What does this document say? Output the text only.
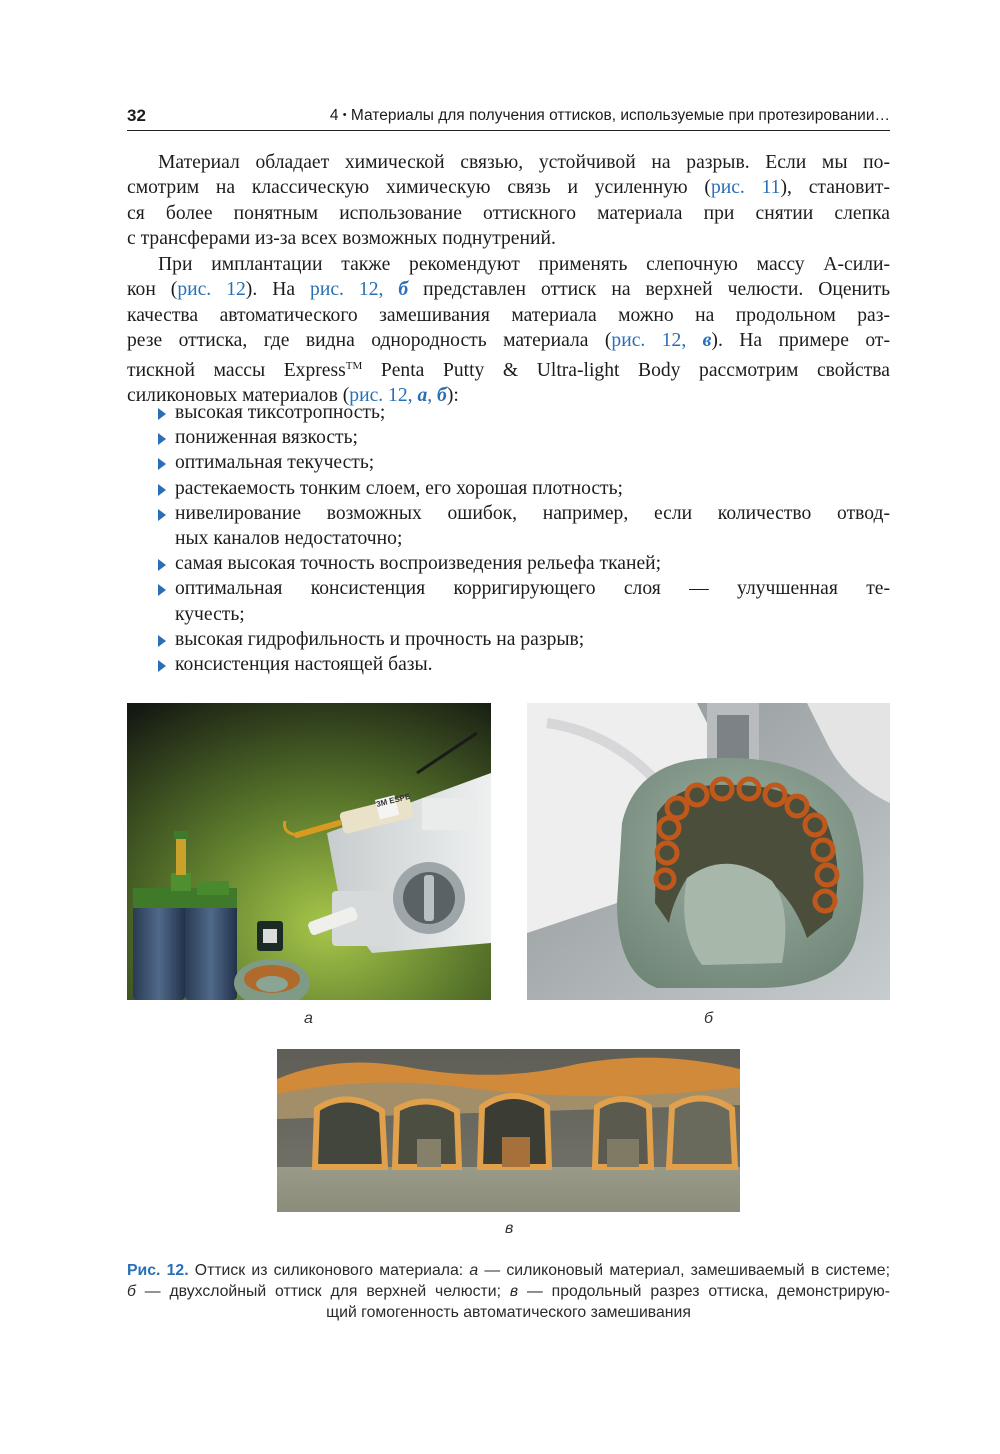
32	4 • Материалы для получения оттисков, используемые при протезировании…
Материал обладает химической связью, устойчивой на разрыв. Если мы по-
смотрим на классическую химическую связь и усиленную (рис. 11), становит-
ся более понятным использование оттискного материала при снятии слепка
с трансферами из-за всех возможных поднутрений.
При имплантации также рекомендуют применять слепочную массу А-сили-
кон (рис. 12). На рис. 12, б представлен оттиск на верхней челюсти. Оценить
качества автоматического замешивания материала можно на продольном раз-
резе оттиска, где видна однородность материала (рис. 12, в). На примере от-
тискной массы Express™ Penta Putty & Ultra-light Body рассмотрим свойства
силиконовых материалов (рис. 12, а, б):
высокая тиксотропность;
пониженная вязкость;
оптимальная текучесть;
растекаемость тонким слоем, его хорошая плотность;
нивелирование возможных ошибок, например, если количество отвод-
ных каналов недостаточно;
самая высокая точность воспроизведения рельефа тканей;
оптимальная консистенция корригирующего слоя — улучшенная те-
кучесть;
высокая гидрофильность и прочность на разрыв;
консистенция настоящей базы.
3M ESPE
а	б
в
Рис. 12. Оттиск из силиконового материала: а — силиконовый материал, замешиваемый в системе;
б — двухслойный оттиск для верхней челюсти; в — продольный разрез оттиска, демонстрирую-
щий гомогенность автоматического замешивания
